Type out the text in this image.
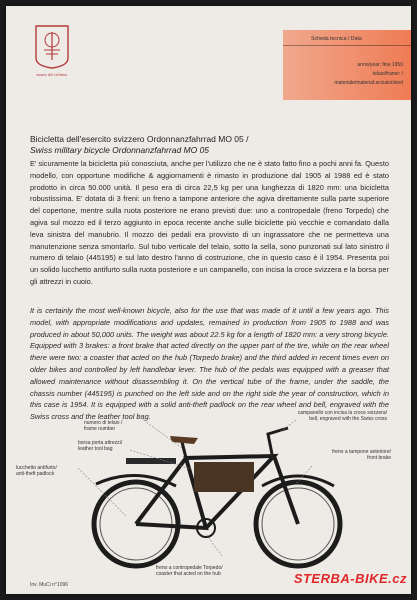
museo del ciclismo
Scheda tecnica / Data
anno/year: fine 1950
telaio/frame: /
materiale/material:acciaio/steel
Bicicletta dell'esercito svizzero Ordonnanzfahrrad MO 05 /
Swiss military bicycle Ordonnanzfahrrad MO 05

E' sicuramente la bicicletta più conosciuta, anche per l'utilizzo che ne è stato fatto fino a pochi anni fa. Questo modello, con opportune modifiche & aggiornamenti è rimasto in produzione dal 1905 al 1988 ed è stato prodotto in circa 50.000 unità. Il peso era di circa 22,5 kg per una lunghezza di 1820 mm: una bicicletta robustissima. E' dotata di 3 freni: un freno a tampone anteriore che agiva direttamente sulla parte superiore del copertone, mentre sulla ruota posteriore ne erano previsti due: uno a contropedale (freno Torpedo) che agiva sul mozzo ed il terzo aggiunto in epoca recente anche sulle biciclette più vecchie e comandato dalla leva sinistra del manubrio. Il mozzo dei pedali era provvisto di un ingrassatore che ne permetteva una manutenzione senza smontarlo. Sul tubo verticale del telaio, sotto la sella, sono punzonati sul lato sinistro il numero di telaio (445195) e sul lato destro l'anno di costruzione, che in questo caso è il 1954. Presenta poi un solido lucchetto antifurto sulla ruota posteriore e un campanello, con incisa la croce svizzera e la borsa per gli attrezzi in cuoio.

It is certainly the most well-known bicycle, also for the use that was made of it until a few years ago. This model, with appropriate modifications and updates, remained in production from 1905 to 1988 and was produced in about 50,000 units. The weight was about 22.5 kg for a length of 1820 mm: a very strong bicycle. Equipped with 3 brakes: a front brake that acted directly on the upper part of the tire, while on the rear wheel there were two: a coaster that acted on the hub (Torpedo brake) and the third added in recent times even on older bikes and controlled by left handlebar lever. The hub of the pedals was equipped with a greaser that allowed maintenance without disassembling it. On the vertical tube of the frame, under the saddle, the chassis number (445195) is punched on the left side and on the right side the year of construction, which in this case is 1954. It is equipped with a solid anti-theft padlock on the rear wheel and bell, engraved with the Swiss cross and the leather tool bag.

numero di telaio /
frame number
borsa porta attrezzi/
leather tool bag
lucchetto antifurto/
anti-theft padlock
campanello con incisa la croce svizzera/
bell, engraved with the Swiss cross
freno a tampone anteriore/
front brake
freno a contropedale Torpedo/
coaster that acted on the hub
Inv. MuCi n°1096	STERBA-BIKE.cz
